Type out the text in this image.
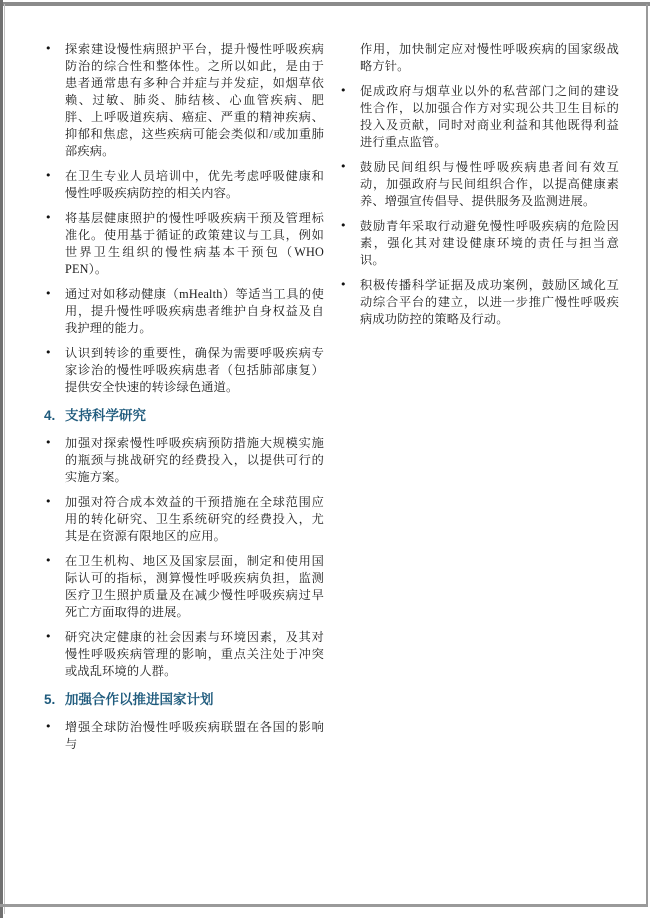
• 探索建设慢性病照护平台，提升慢性呼吸疾病防治的综合性和整体性。之所以如此，是由于患者通常患有多种合并症与并发症，如烟草依赖、过敏、肺炎、肺结核、心血管疾病、肥胖、上呼吸道疾病、癌症、严重的精神疾病、抑郁和焦虑，这些疾病可能会类似和/或加重肺部疾病。
• 在卫生专业人员培训中，优先考虑呼吸健康和慢性呼吸疾病防控的相关内容。
• 将基层健康照护的慢性呼吸疾病干预及管理标准化。使用基于循证的政策建议与工具，例如世界卫生组织的慢性病基本干预包（WHO PEN）。
• 通过对如移动健康（mHealth）等适当工具的使用，提升慢性呼吸疾病患者维护自身权益及自我护理的能力。
• 认识到转诊的重要性，确保为需要呼吸疾病专家诊治的慢性呼吸疾病患者（包括肺部康复）提供安全快速的转诊绿色通道。
4. 支持科学研究
• 加强对探索慢性呼吸疾病预防措施大规模实施的瓶颈与挑战研究的经费投入，以提供可行的实施方案。
• 加强对符合成本效益的干预措施在全球范围应用的转化研究、卫生系统研究的经费投入，尤其是在资源有限地区的应用。
• 在卫生机构、地区及国家层面，制定和使用国际认可的指标，测算慢性呼吸疾病负担，监测医疗卫生照护质量及在减少慢性呼吸疾病过早死亡方面取得的进展。
• 研究决定健康的社会因素与环境因素，及其对慢性呼吸疾病管理的影响，重点关注处于冲突或战乱环境的人群。
5. 加强合作以推进国家计划
• 增强全球防治慢性呼吸疾病联盟在各国的影响与
作用，加快制定应对慢性呼吸疾病的国家级战略方针。
• 促成政府与烟草业以外的私营部门之间的建设性合作，以加强合作方对实现公共卫生目标的投入及贡献，同时对商业利益和其他既得利益进行重点监管。
• 鼓励民间组织与慢性呼吸疾病患者间有效互动，加强政府与民间组织合作，以提高健康素养、增强宣传倡导、提供服务及监测进展。
• 鼓励青年采取行动避免慢性呼吸疾病的危险因素，强化其对建设健康环境的责任与担当意识。
• 积极传播科学证据及成功案例，鼓励区域化互动综合平台的建立，以进一步推广慢性呼吸疾病成功防控的策略及行动。
